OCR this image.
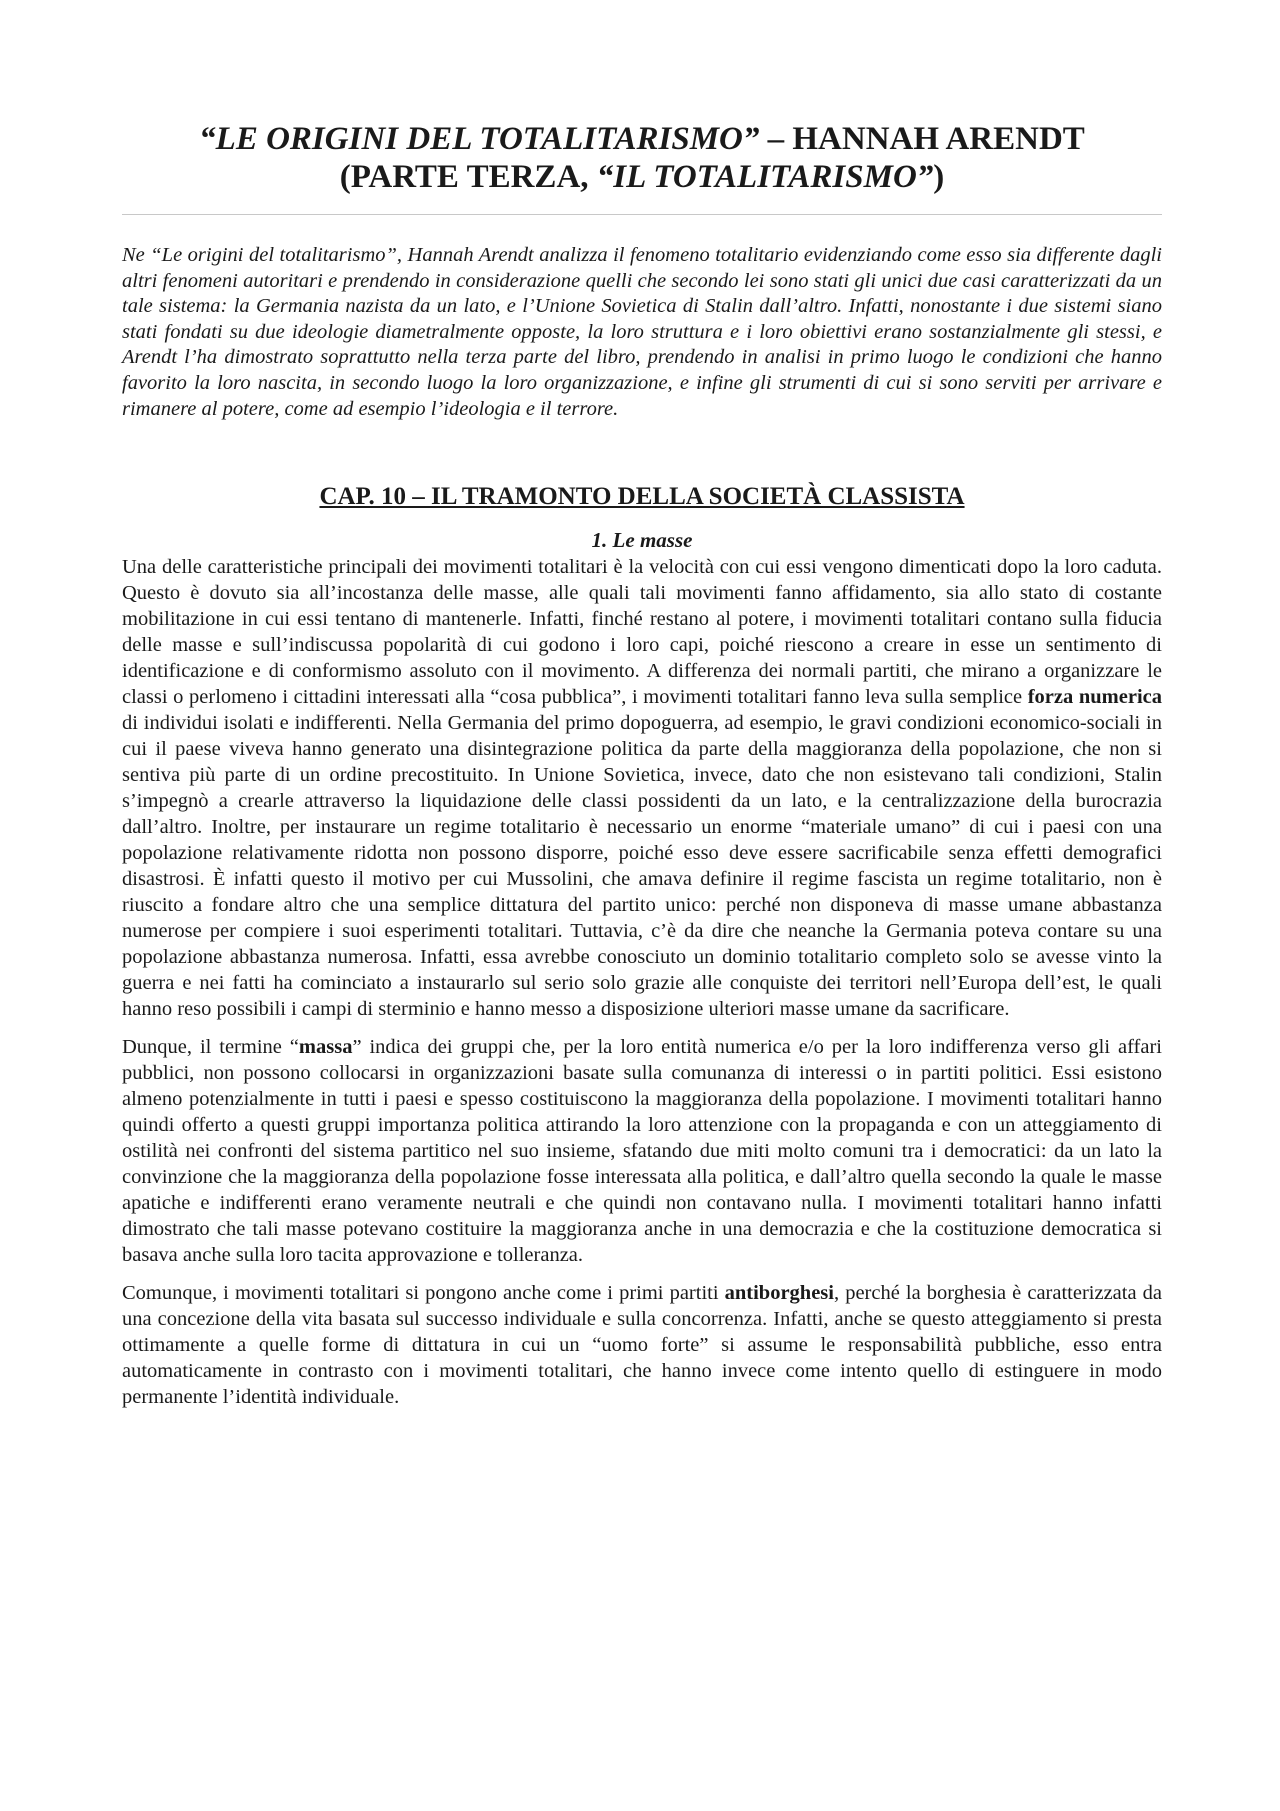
“LE ORIGINI DEL TOTALITARISMO” – HANNAH ARENDT
(PARTE TERZA, “IL TOTALITARISMO”)

Ne “Le origini del totalitarismo”, Hannah Arendt analizza il fenomeno totalitario evidenziando come esso sia differente dagli altri fenomeni autoritari e prendendo in considerazione quelli che secondo lei sono stati gli unici due casi caratterizzati da un tale sistema: la Germania nazista da un lato, e l’Unione Sovietica di Stalin dall’altro. Infatti, nonostante i due sistemi siano stati fondati su due ideologie diametralmente opposte, la loro struttura e i loro obiettivi erano sostanzialmente gli stessi, e Arendt l’ha dimostrato soprattutto nella terza parte del libro, prendendo in analisi in primo luogo le condizioni che hanno favorito la loro nascita, in secondo luogo la loro organizzazione, e infine gli strumenti di cui si sono serviti per arrivare e rimanere al potere, come ad esempio l’ideologia e il terrore.

CAP. 10 – IL TRAMONTO DELLA SOCIETÀ CLASSISTA
1. Le masse

Una delle caratteristiche principali dei movimenti totalitari è la velocità con cui essi vengono dimenticati dopo la loro caduta. Questo è dovuto sia all’incostanza delle masse, alle quali tali movimenti fanno affidamento, sia allo stato di costante mobilitazione in cui essi tentano di mantenerle. Infatti, finché restano al potere, i movimenti totalitari contano sulla fiducia delle masse e sull’indiscussa popolarità di cui godono i loro capi, poiché riescono a creare in esse un sentimento di identificazione e di conformismo assoluto con il movimento. A differenza dei normali partiti, che mirano a organizzare le classi o perlomeno i cittadini interessati alla “cosa pubblica”, i movimenti totalitari fanno leva sulla semplice forza numerica di individui isolati e indifferenti. Nella Germania del primo dopoguerra, ad esempio, le gravi condizioni economico-sociali in cui il paese viveva hanno generato una disintegrazione politica da parte della maggioranza della popolazione, che non si sentiva più parte di un ordine precostituito. In Unione Sovietica, invece, dato che non esistevano tali condizioni, Stalin s’impegnò a crearle attraverso la liquidazione delle classi possidenti da un lato, e la centralizzazione della burocrazia dall’altro. Inoltre, per instaurare un regime totalitario è necessario un enorme “materiale umano” di cui i paesi con una popolazione relativamente ridotta non possono disporre, poiché esso deve essere sacrificabile senza effetti demografici disastrosi. È infatti questo il motivo per cui Mussolini, che amava definire il regime fascista un regime totalitario, non è riuscito a fondare altro che una semplice dittatura del partito unico: perché non disponeva di masse umane abbastanza numerose per compiere i suoi esperimenti totalitari. Tuttavia, c’è da dire che neanche la Germania poteva contare su una popolazione abbastanza numerosa. Infatti, essa avrebbe conosciuto un dominio totalitario completo solo se avesse vinto la guerra e nei fatti ha cominciato a instaurarlo sul serio solo grazie alle conquiste dei territori nell’Europa dell’est, le quali hanno reso possibili i campi di sterminio e hanno messo a disposizione ulteriori masse umane da sacrificare.

Dunque, il termine “massa” indica dei gruppi che, per la loro entità numerica e/o per la loro indifferenza verso gli affari pubblici, non possono collocarsi in organizzazioni basate sulla comunanza di interessi o in partiti politici. Essi esistono almeno potenzialmente in tutti i paesi e spesso costituiscono la maggioranza della popolazione. I movimenti totalitari hanno quindi offerto a questi gruppi importanza politica attirando la loro attenzione con la propaganda e con un atteggiamento di ostilità nei confronti del sistema partitico nel suo insieme, sfatando due miti molto comuni tra i democratici: da un lato la convinzione che la maggioranza della popolazione fosse interessata alla politica, e dall’altro quella secondo la quale le masse apatiche e indifferenti erano veramente neutrali e che quindi non contavano nulla. I movimenti totalitari hanno infatti dimostrato che tali masse potevano costituire la maggioranza anche in una democrazia e che la costituzione democratica si basava anche sulla loro tacita approvazione e tolleranza.

Comunque, i movimenti totalitari si pongono anche come i primi partiti antiborghesi, perché la borghesia è caratterizzata da una concezione della vita basata sul successo individuale e sulla concorrenza. Infatti, anche se questo atteggiamento si presta ottimamente a quelle forme di dittatura in cui un “uomo forte” si assume le responsabilità pubbliche, esso entra automaticamente in contrasto con i movimenti totalitari, che hanno invece come intento quello di estinguere in modo permanente l’identità individuale.
